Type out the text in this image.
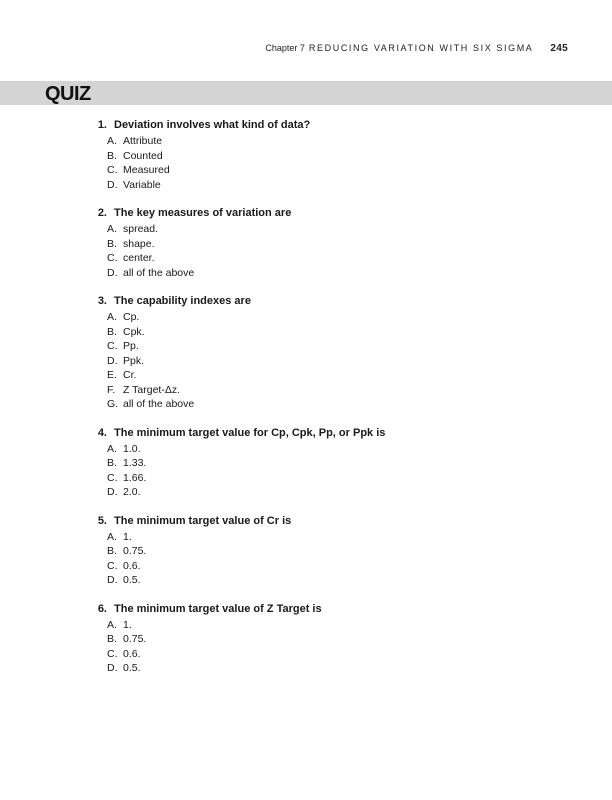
Chapter 7 REDUCING VARIATION WITH SIX SIGMA 245
QUIZ
1. Deviation involves what kind of data?
A. Attribute
B. Counted
C. Measured
D. Variable
2. The key measures of variation are
A. spread.
B. shape.
C. center.
D. all of the above
3. The capability indexes are
A. Cp.
B. Cpk.
C. Pp.
D. Ppk.
E. Cr.
F. Z Target-Δz.
G. all of the above
4. The minimum target value for Cp, Cpk, Pp, or Ppk is
A. 1.0.
B. 1.33.
C. 1.66.
D. 2.0.
5. The minimum target value of Cr is
A. 1.
B. 0.75.
C. 0.6.
D. 0.5.
6. The minimum target value of Z Target is
A. 1.
B. 0.75.
C. 0.6.
D. 0.5.
